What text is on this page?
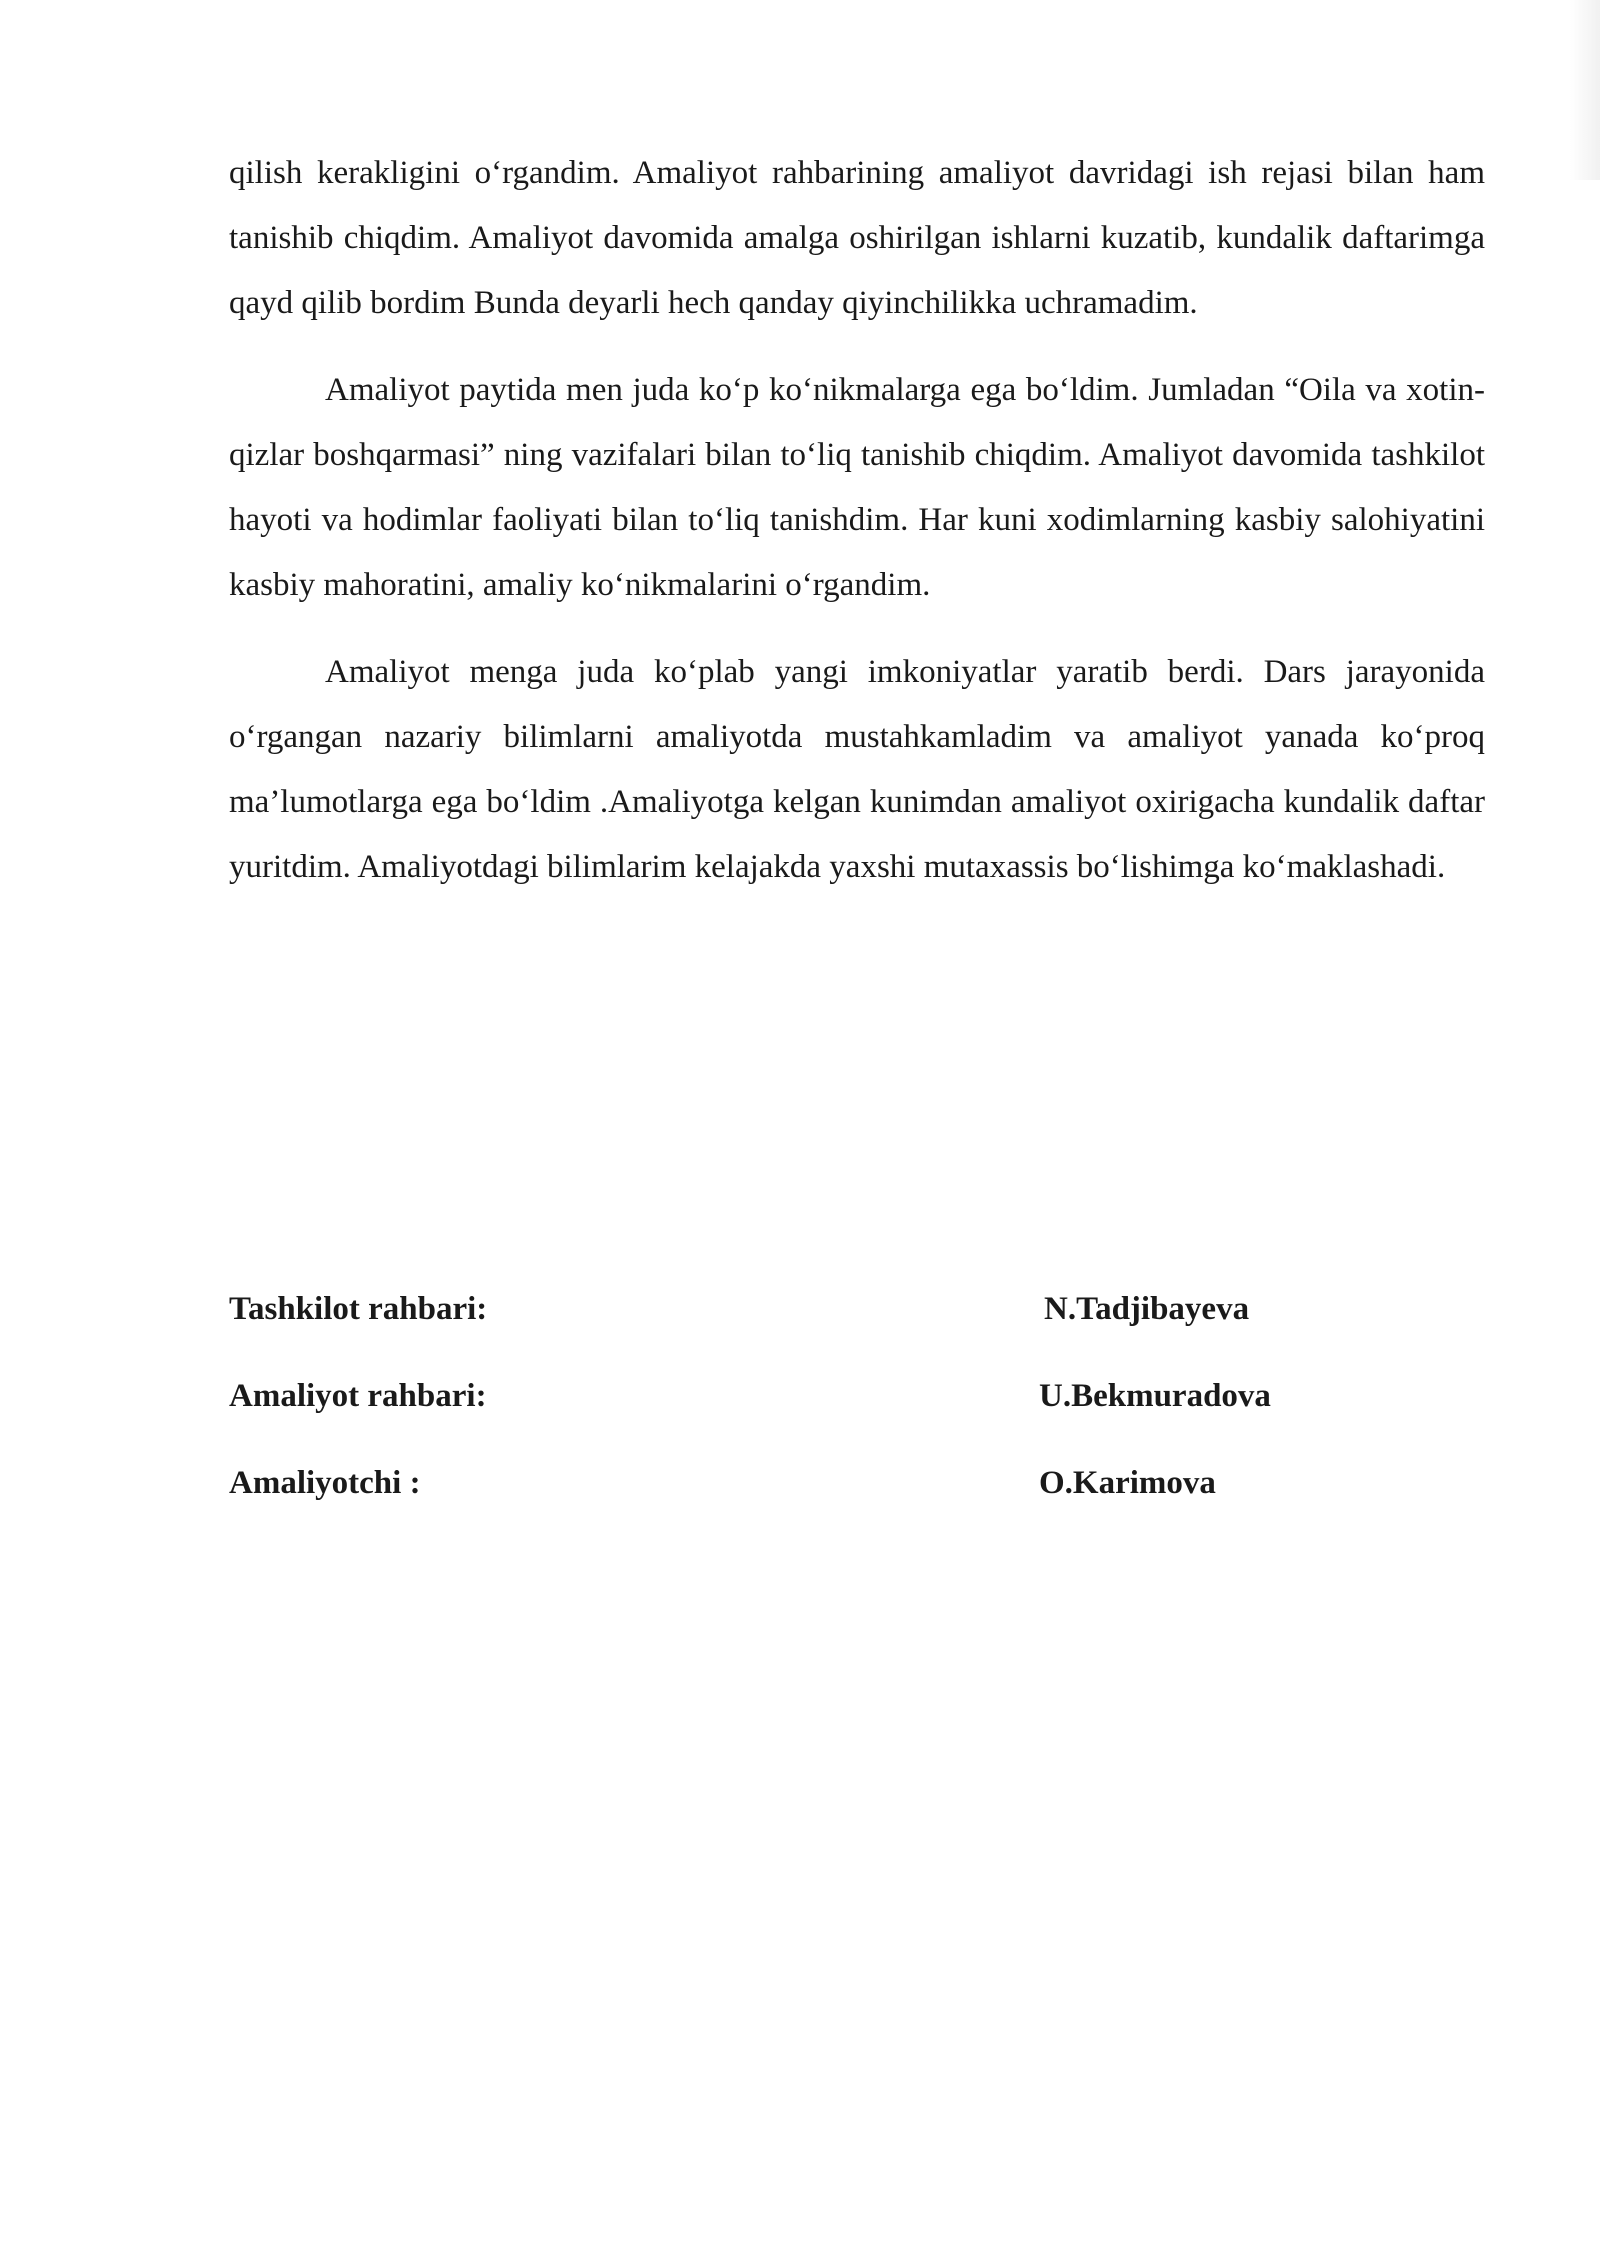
qilish kerakligini o‘rgandim. Amaliyot rahbarining amaliyot davridagi ish rejasi bilan ham tanishib chiqdim. Amaliyot davomida amalga oshirilgan ishlarni kuzatib, kundalik daftarimga qayd qilib bordim Bunda deyarli hech qanday qiyinchilikka uchramadim.

Amaliyot paytida men juda ko‘p ko‘nikmalarga ega bo‘ldim. Jumladan “Oila va xotin-qizlar boshqarmasi” ning vazifalari bilan to‘liq tanishib chiqdim. Amaliyot davomida tashkilot hayoti va hodimlar faoliyati bilan to‘liq tanishdim. Har kuni xodimlarning kasbiy salohiyatini kasbiy mahoratini, amaliy ko‘nikmalarini o‘rgandim.

Amaliyot menga juda ko‘plab yangi imkoniyatlar yaratib berdi. Dars jarayonida o‘rgangan nazariy bilimlarni amaliyotda mustahkamladim va amaliyot yanada ko‘proq ma’lumotlarga ega bo‘ldim .Amaliyotga kelgan kunimdan amaliyot oxirigacha kundalik daftar yuritdim. Amaliyotdagi bilimlarim kelajakda yaxshi mutaxassis bo‘lishimga ko‘maklashadi.

Tashkilot rahbari:	N.Tadjibayeva
Amaliyot rahbari:	U.Bekmuradova
Amaliyotchi :	O.Karimova
